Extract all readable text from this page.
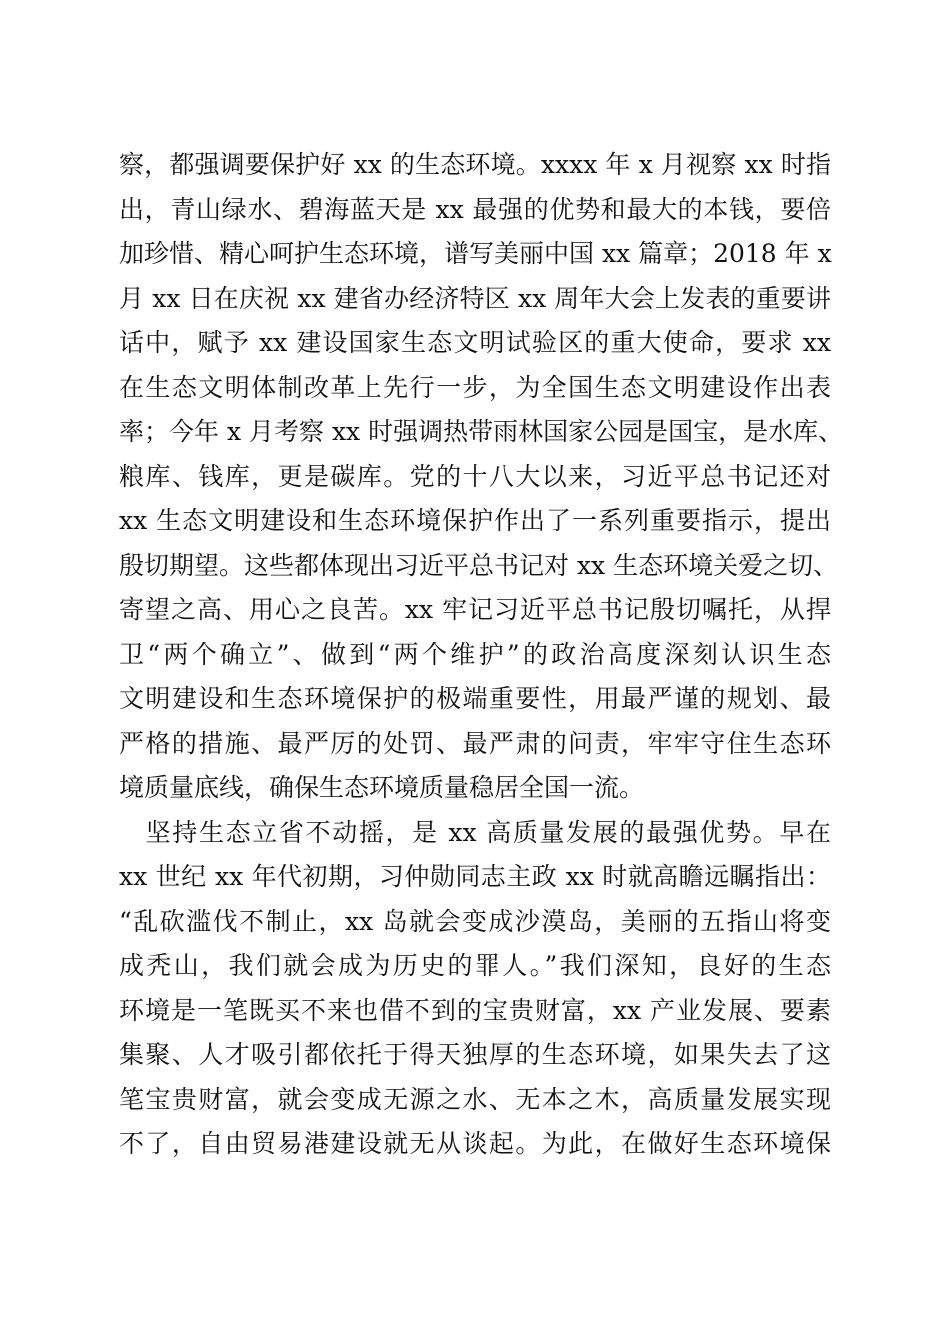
察，都强调要保护好 xx 的生态环境。xxxx 年 x 月视察 xx 时指
出，青山绿水、碧海蓝天是 xx 最强的优势和最大的本钱，要倍
加珍惜、精心呵护生态环境，谱写美丽中国 xx 篇章；2018 年 x
月 xx 日在庆祝 xx 建省办经济特区 xx 周年大会上发表的重要讲
话中，赋予 xx 建设国家生态文明试验区的重大使命，要求 xx
在生态文明体制改革上先行一步，为全国生态文明建设作出表
率；今年 x 月考察 xx 时强调热带雨林国家公园是国宝，是水库、
粮库、钱库，更是碳库。党的十八大以来，习近平总书记还对
xx 生态文明建设和生态环境保护作出了一系列重要指示，提出
殷切期望。这些都体现出习近平总书记对 xx 生态环境关爱之切、
寄望之高、用心之良苦。xx 牢记习近平总书记殷切嘱托，从捍
卫“两个确立”、做到“两个维护”的政治高度深刻认识生态
文明建设和生态环境保护的极端重要性，用最严谨的规划、最
严格的措施、最严厉的处罚、最严肃的问责，牢牢守住生态环
境质量底线，确保生态环境质量稳居全国一流。
　坚持生态立省不动摇，是 xx 高质量发展的最强优势。早在
xx 世纪 xx 年代初期，习仲勋同志主政 xx 时就高瞻远瞩指出：
“乱砍滥伐不制止，xx 岛就会变成沙漠岛，美丽的五指山将变
成秃山，我们就会成为历史的罪人。”我们深知，良好的生态
环境是一笔既买不来也借不到的宝贵财富，xx 产业发展、要素
集聚、人才吸引都依托于得天独厚的生态环境，如果失去了这
笔宝贵财富，就会变成无源之水、无本之木，高质量发展实现
不了，自由贸易港建设就无从谈起。为此，在做好生态环境保
